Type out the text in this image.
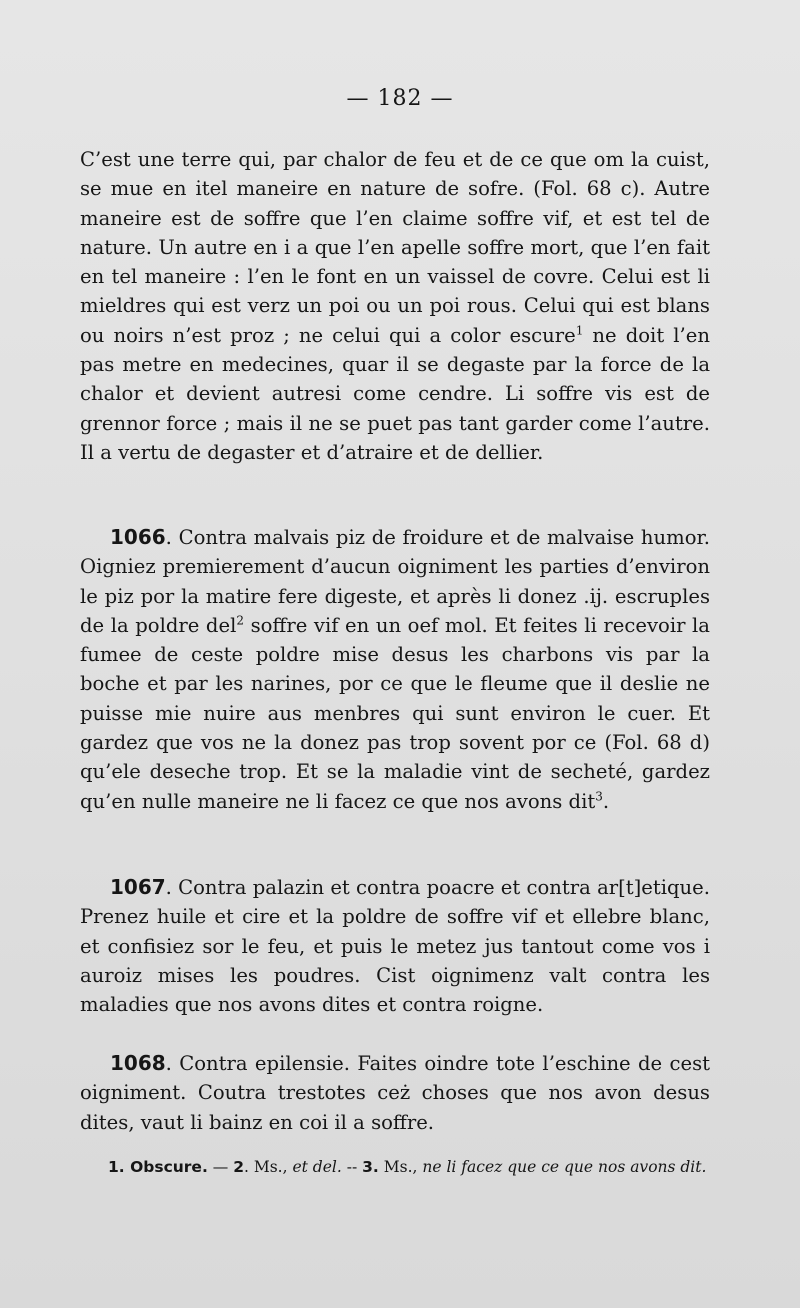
— 182 —

C’est une terre qui, par chalor de feu et de ce que om la cuist, se mue en itel maneire en nature de sofre. (Fol. 68 c). Autre maneire est de soffre que l’en claime soffre vif, et est tel de nature. Un autre en i a que l’en apelle soffre mort, que l’en fait en tel maneire : l’en le font en un vaissel de covre. Celui est li mieldres qui est verz un poi ou un poi rous. Celui qui est blans ou noirs n’est proz ; ne celui qui a color escure$^1$ ne doit l’en pas metre en medecines, quar il se degaste par la force de la chalor et devient autresi come cendre. Li soffre vis est de grennor force ; mais il ne se puet pas tant garder come l’autre. Il a vertu de degaster et d’atraire et de dellier.

1066. Contra malvais piz de froidure et de malvaise humor. Oigniez premierement d’aucun oigniment les parties d’environ le piz por la matire fere digeste, et après li donez .ij. escruples de la poldre del$^2$ soffre vif en un oef mol. Et feites li recevoir la fumee de ceste poldre mise desus les charbons vis par la boche et par les narines, por ce que le fleume que il deslie ne puisse mie nuire aus menbres qui sunt environ le cuer. Et gardez que vos ne la donez pas trop sovent por ce (Fol. 68 d) qu’ele deseche trop. Et se la maladie vint de secheté, gardez qu’en nulle maneire ne li facez ce que nos avons dit$^3$.

1067. Contra palazin et contra poacre et contra ar[t]etique. Prenez huile et cire et la poldre de soffre vif et ellebre blanc, et confisiez sor le feu, et puis le metez jus tantout come vos i auroiz mises les poudres. Cist oignimenz valt contra les maladies que nos avons dites et contra roigne.

1068. Contra epilensie. Faites oindre tote l’eschine de cest oigniment. Coutra trestotes ceż choses que nos avon desus dites, vaut li bainz en coi il a soffre.

1. Obscure. — 2. Ms., et del. -- 3. Ms., ne li facez que ce que nos avons dit.
